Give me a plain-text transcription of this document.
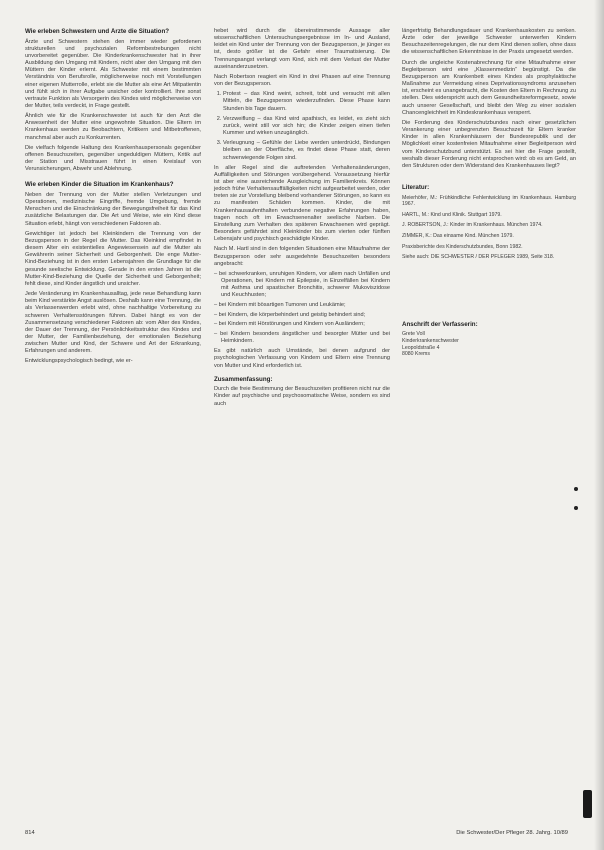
Wie erleben Schwestern und Ärzte die Situation?

Ärzte und Schwestern stehen den immer wieder gefordenen strukturellen und psychozialen Reformbestrebungen nicht unvorbereitet gegenüber. Die Kinderkrankenschwester hat in ihrer Ausbildung den Umgang mit Kindern, nicht aber den Umgang mit den Müttern der Kinder erlernt. Als Schwester mit einem bestimmten Verständnis von Berufsrolle, möglicherweise noch mit Vorstellungen einer eigenen Mutterrolle, erlebt sie die Mutter als eine Art Mitpatientin und fühlt sich in ihrer Aufgabe unsicher oder kontrolliert. Ihre sonst vertraute Funktion als Versorgerin des Kindes wird möglicherweise von der Mutter, teils verdeckt, in Frage gestellt.

Ähnlich wie für die Krankenschwester ist auch für den Arzt die Anwesenheit der Mutter eine ungewohnte Situation. Die Eltern im Krankenhaus werden zu Beobachtern, Kritikern und Mitbetroffenen, manchmal aber auch zu Konkurrenten.

Die vielfach folgende Haltung des Krankenhauspersonals gegenüber offenen Besuchszeiten, gegenüber ungeduldigen Müttern, Kritik auf der Station und Misstrauen führt in einen Kreislauf von Verunsicherungen, Abwehr und Ablehnung.

Wie erleben Kinder die Situation im Krankenhaus?

Neben der Trennung von der Mutter stellen Verletzungen und Operationen, medizinische Eingriffe, fremde Umgebung, fremde Menschen und die Einschränkung der Bewegungsfreiheit für das Kind zusätzliche Belastungen dar. Die Art und Weise, wie ein Kind diese Situation erlebt, hängt von verschiedenen Faktoren ab.

Gewichtiger ist jedoch bei Kleinkindern die Trennung von der Bezugsperson in der Regel die Mutter. Das Kleinkind empfindet in diesem Alter ein existentielles Angewiesensein auf die Mutter als Gewährerin seiner Sicherheit und Geborgenheit. Die enge Mutter-Kind-Beziehung ist in den ersten Lebensjahren die Grundlage für die gesunde seelische Entwicklung. Gerade in den ersten Jahren ist die Mutter-Kind-Beziehung die Quelle der Sicherheit und Geborgenheit; fehlt diese, sind Kinder ängstlich und unsicher.

Jede Veränderung im Krankenhausalltag, jede neue Behandlung kann beim Kind verstärkte Angst auslösen. Deshalb kann eine Trennung, die als Verlassenwerden erlebt wird, ohne nachhaltige Vorbereitung zu schweren Verhaltensstörungen führen. Dabei hängt es von der Zusammensetzung verschiedener Faktoren ab: vom Alter des Kindes, der Dauer der Trennung, der Persönlichkeitsstruktur des Kindes und der Mutter, der Familienbeziehung, der emotionalen Beziehung zwischen Mutter und Kind, der Schwere und Art der Erkrankung, Erfahrungen und anderem.

Entwicklungspsychologisch bedingt, wie er-

hebet wird durch die übereinstimmende Aussage aller wissenschaftlichen Untersuchungsergebnisse im In- und Ausland, leidet ein Kind unter der Trennung von der Bezugsperson, je jünger es ist, desto größer ist die Gefahr einer Traumatisierung. Die Trennungsangst verlangt vom Kind, sich mit dem Verlust der Mutter auseinanderzusetzen.

Nach Robertson reagiert ein Kind in drei Phasen auf eine Trennung von der Bezugsperson.

1. Protest – das Kind weint, schreit, tobt und versucht mit allen Mitteln, die Bezugsperson wiederzufinden. Diese Phase kann Stunden bis Tage dauern.
2. Verzweiflung – das Kind wird apathisch, es leidet, es zieht sich zurück, weint still vor sich hin; die Kinder zeigen einen tiefen Kummer und wirken unzugänglich.
3. Verleugnung – Gefühle der Liebe werden unterdrückt, Bindungen bleiben an der Oberfläche, es findet diese Phase statt, deren schwerwiegende Folgen sind.

In aller Regel sind die auftretenden Verhaltensänderungen, Auffälligkeiten und Störungen vorübergehend. Voraussetzung hierfür ist aber eine ausreichende Ausgleichung im Familienkreis. Können jedoch frühe Verhaltensauffälligkeiten nicht aufgearbeitet werden, oder treten sie zur Vorstellung bleibend vorhandener Störungen, so kann es zu manifesten Schäden kommen. Kinder, die mit Krankenhausaufenthalten verbundene negative Erfahrungen haben, tragen noch oft im Erwachsenenalter seelische Narben. Die Einstellung zum Verhalten des späteren Erwachsenen wird geprägt. Besonders gefährdet sind Kleinkinder bis zum vierten oder fünften Lebensjahr und psychisch geschädigte Kinder.

Nach M. Hartl sind in den folgenden Situationen eine Mitaufnahme der Bezugsperson oder sehr ausgedehnte Besuchszeiten besonders angebracht:

– bei schwerkranken, unruhigen Kindern, vor allem nach Unfällen und Operationen, bei Kindern mit Epilepsie, in Einzelfällen bei Kindern mit Asthma und spastischer Bronchitis, schwerer Mukoviszidose und Keuchhusten;
– bei Kindern mit bösartigen Tumoren und Leukämie;
– bei Kindern, die körperbehindert und geistig behindert sind;
– bei Kindern mit Hörstörungen und Kindern von Ausländern;
– bei Kindern besonders ängstlicher und besorgter Mütter und bei Heimkindern.

Es gibt natürlich auch Umstände, bei denen aufgrund der psychologischen Verfassung von Kindern und Eltern eine Trennung von Mutter und Kind erforderlich ist.

Zusammenfassung:

Durch die freie Bestimmung der Besuchszeiten profitieren nicht nur die Kinder auf psychische und psychosomatische Weise, sondern es sind auch

längerfristig Behandlungsdauer und Krankenhauskosten zu senken. Ärzte oder der jeweilige Schwester unterwerfen Kindern Besuchszeitenregelungen, die nur dem Kind dienen sollen, ohne dass die wissenschaftlichen Erkenntnisse in der Praxis umgesetzt werden.

Durch die ungleiche Kostenabrechnung für eine Mitaufnahme einer Begleitperson wird eine „Klassenmedizin“ begünstigt. Da die Bezugsperson am Krankenbett eines Kindes als prophylaktische Maßnahme zur Vermeidung eines Deprivationssyndroms anzusehen ist, erscheint es unangebracht, die Kosten den Eltern in Rechnung zu stellen. Dies widerspricht auch dem Gesundheitsreformgesetz, sowie auch unserer Gesellschaft, und bleibt den Weg zu einer sozialen Chancengleichheit im Kindeskrankenhaus versperrt.

Die Forderung des Kinderschutzbundes nach einer gesetzlichen Verankerung einer unbegrenzten Besuchszeit für Eltern kranker Kinder in allen Krankenhäusern der Bundesrepublik und der Möglichkeit einer kostenfreien Mitaufnahme einer Begleitperson wird vom Kinderschutzbund unterstützt. Es sei hier die Frage gestellt, weshalb dieser Forderung nicht entsprochen wird: ob es am Geld, an den Strukturen oder dem Widerstand des Krankenhauses liegt?

Literatur:
Meierhöfer, M.: Frühkindliche Fehlentwicklung im Krankenhaus. Hamburg 1967.
HARTL, M.: Kind und Klinik. Stuttgart 1979.
J. ROBERTSON, J.: Kinder im Krankenhaus. München 1974.
ZIMMER, K.: Das einsame Kind. München 1979.
Praxisberichte des Kinderschutzbundes, Bonn 1982.
Siehe auch: DIE SCHWESTER / DER PFLEGER 1989, Seite 318.
Anschrift der Verfasserin:
Grete Voll
Kinderkrankenschwester
Leopoldstraße 4
8080 Krems
814	Die Schwester/Der Pfleger 28. Jahrg. 10/89
